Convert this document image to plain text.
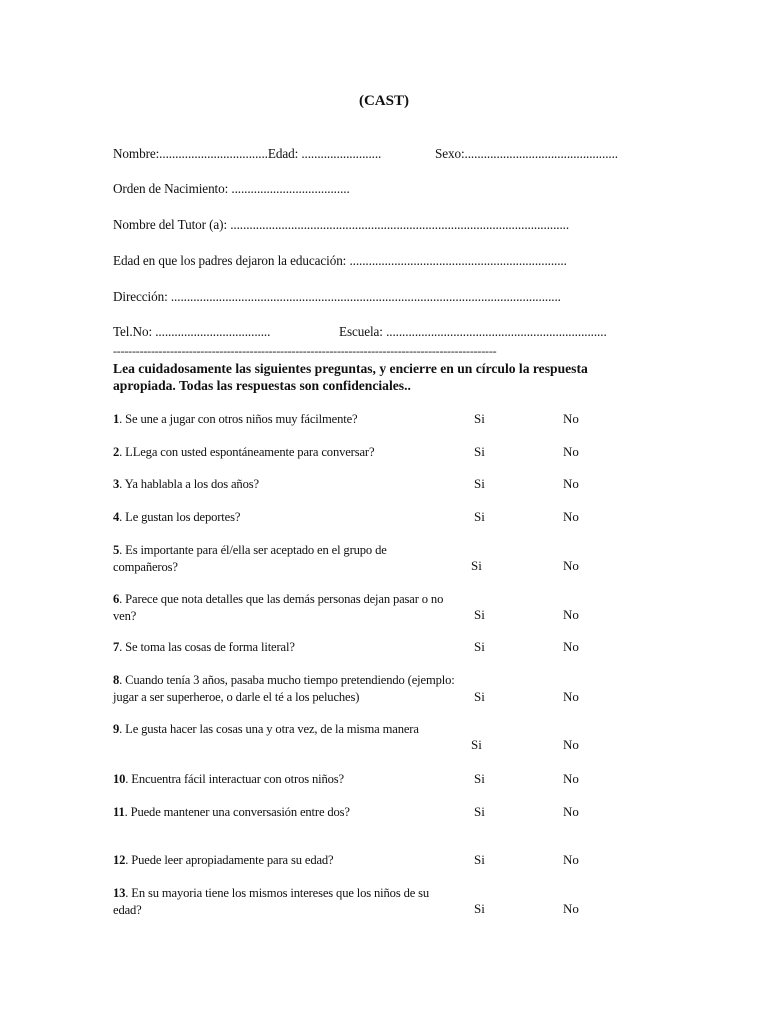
(CAST)
Nombre:..................................Edad: .........................	Sexo:................................................
Orden de Nacimiento: .....................................
Nombre del Tutor (a): ..........................................................................................................
Edad en que los padres dejaron la educación: ....................................................................
Dirección: ..........................................................................................................................
Tel.No: ....................................	Escuela: .....................................................................
-----------------------------------------------------------------------------------------------------
Lea cuidadosamente las siguientes preguntas, y encierre en un círculo la respuesta apropiada. Todas las respuestas son confidenciales..
1. Se une a jugar con otros niños muy fácilmente?	Si	No
2. LLega con usted espontáneamente para conversar?	Si	No
3. Ya hablabla a los dos años?	Si	No
4. Le gustan los deportes?	Si	No
5. Es importante para él/ella ser aceptado en el grupo de compañeros?	Si	No
6. Parece que nota detalles que las demás personas dejan pasar o no ven?	Si	No
7. Se toma las cosas de forma literal?	Si	No
8. Cuando tenía 3 años, pasaba mucho tiempo pretendiendo (ejemplo: jugar a ser superheroe, o darle el té a los peluches)	Si	No
9. Le gusta hacer las cosas una y otra vez, de la misma manera
Si	No
10. Encuentra fácil interactuar con otros niños?	Si	No
11. Puede mantener una conversasión entre dos?	Si	No
12. Puede leer apropiadamente para su edad?	Si	No
13. En su mayoria tiene los mismos intereses que los niños de su edad?	Si	No
